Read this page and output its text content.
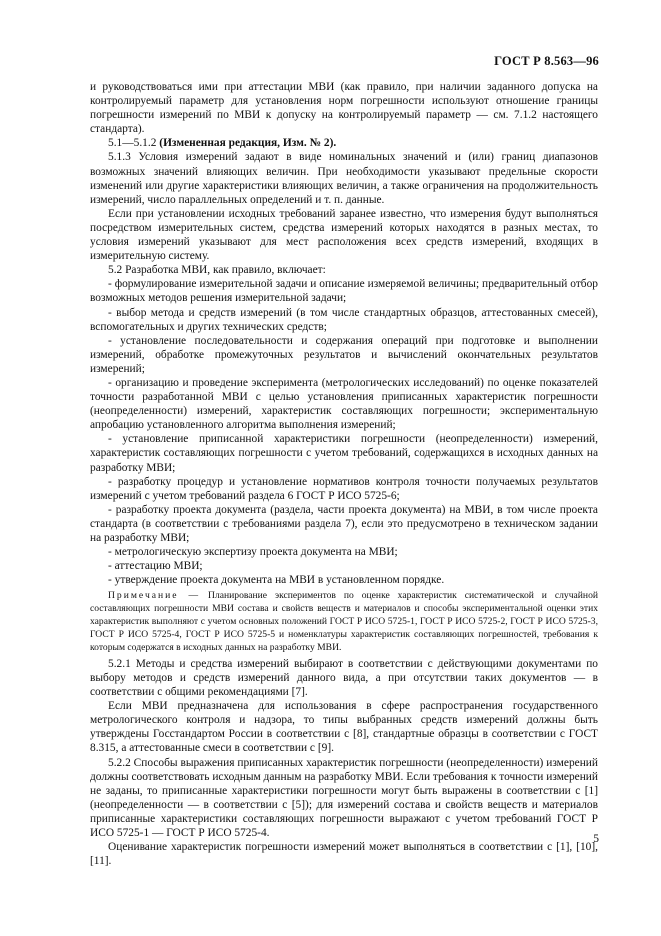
ГОСТ Р 8.563—96

и руководствоваться ими при аттестации МВИ (как правило, при наличии заданного допуска на контролируемый параметр для установления норм погрешности используют отношение границы погрешности измерений по МВИ к допуску на контролируемый параметр — см. 7.1.2 настоящего стандарта).

5.1—5.1.2 (Измененная редакция, Изм. № 2).

5.1.3 Условия измерений задают в виде номинальных значений и (или) границ диапазонов возможных значений влияющих величин. При необходимости указывают предельные скорости изменений или другие характеристики влияющих величин, а также ограничения на продолжительность измерений, число параллельных определений и т. п. данные.

Если при установлении исходных требований заранее известно, что измерения будут выполняться посредством измерительных систем, средства измерений которых находятся в разных местах, то условия измерений указывают для мест расположения всех средств измерений, входящих в измерительную систему.

5.2 Разработка МВИ, как правило, включает:

- формулирование измерительной задачи и описание измеряемой величины; предварительный отбор возможных методов решения измерительной задачи;

- выбор метода и средств измерений (в том числе стандартных образцов, аттестованных смесей), вспомогательных и других технических средств;

- установление последовательности и содержания операций при подготовке и выполнении измерений, обработке промежуточных результатов и вычислений окончательных результатов измерений;

- организацию и проведение эксперимента (метрологических исследований) по оценке показателей точности разработанной МВИ с целью установления приписанных характеристик погрешности (неопределенности) измерений, характеристик составляющих погрешности; экспериментальную апробацию установленного алгоритма выполнения измерений;

- установление приписанной характеристики погрешности (неопределенности) измерений, характеристик составляющих погрешности с учетом требований, содержащихся в исходных данных на разработку МВИ;

- разработку процедур и установление нормативов контроля точности получаемых результатов измерений с учетом требований раздела 6 ГОСТ Р ИСО 5725-6;

- разработку проекта документа (раздела, части проекта документа) на МВИ, в том числе проекта стандарта (в соответствии с требованиями раздела 7), если это предусмотрено в техническом задании на разработку МВИ;

- метрологическую экспертизу проекта документа на МВИ;

- аттестацию МВИ;

- утверждение проекта документа на МВИ в установленном порядке.

Примечание — Планирование экспериментов по оценке характеристик систематической и случайной составляющих погрешности МВИ состава и свойств веществ и материалов и способы экспериментальной оценки этих характеристик выполняют с учетом основных положений ГОСТ Р ИСО 5725-1, ГОСТ Р ИСО 5725-2, ГОСТ Р ИСО 5725-3, ГОСТ Р ИСО 5725-4, ГОСТ Р ИСО 5725-5 и номенклатуры характеристик составляющих погрешностей, требования к которым содержатся в исходных данных на разработку МВИ.

5.2.1 Методы и средства измерений выбирают в соответствии с действующими документами по выбору методов и средств измерений данного вида, а при отсутствии таких документов — в соответствии с общими рекомендациями [7].

Если МВИ предназначена для использования в сфере распространения государственного метрологического контроля и надзора, то типы выбранных средств измерений должны быть утверждены Госстандартом России в соответствии с [8], стандартные образцы в соответствии с ГОСТ 8.315, а аттестованные смеси в соответствии с [9].

5.2.2 Способы выражения приписанных характеристик погрешности (неопределенности) измерений должны соответствовать исходным данным на разработку МВИ. Если требования к точности измерений не заданы, то приписанные характеристики погрешности могут быть выражены в соответствии с [1] (неопределенности — в соответствии с [5]); для измерений состава и свойств веществ и материалов приписанные характеристики составляющих погрешности выражают с учетом требований ГОСТ Р ИСО 5725-1 — ГОСТ Р ИСО 5725-4.

Оценивание характеристик погрешности измерений может выполняться в соответствии с [1], [10], [11].

5
